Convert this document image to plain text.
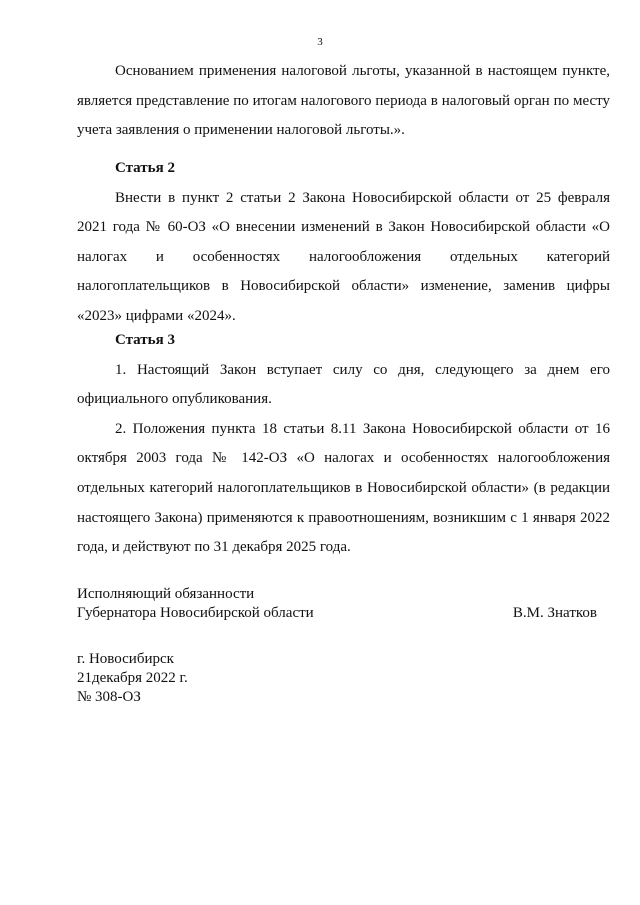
3

Основанием применения налоговой льготы, указанной в настоящем пункте, является представление по итогам налогового периода в налоговый орган по месту учета заявления о применении налоговой льготы.».

Статья 2

Внести в пункт 2 статьи 2 Закона Новосибирской области от 25 февраля 2021 года № 60-ОЗ «О внесении изменений в Закон Новосибирской области «О налогах и особенностях налогообложения отдельных категорий налогоплательщиков в Новосибирской области» изменение, заменив цифры «2023» цифрами «2024».

Статья 3

1. Настоящий Закон вступает силу со дня, следующего за днем его официального опубликования.

2. Положения пункта 18 статьи 8.11 Закона Новосибирской области от 16 октября 2003 года № 142-ОЗ «О налогах и особенностях налогообложения отдельных категорий налогоплательщиков в Новосибирской области» (в редакции настоящего Закона) применяются к правоотношениям, возникшим с 1 января 2022 года, и действуют по 31 декабря 2025 года.

Исполняющий обязанности
Губернатора Новосибирской области	В.М. Знатков
г. Новосибирск
21декабря 2022 г.
№ 308-ОЗ
